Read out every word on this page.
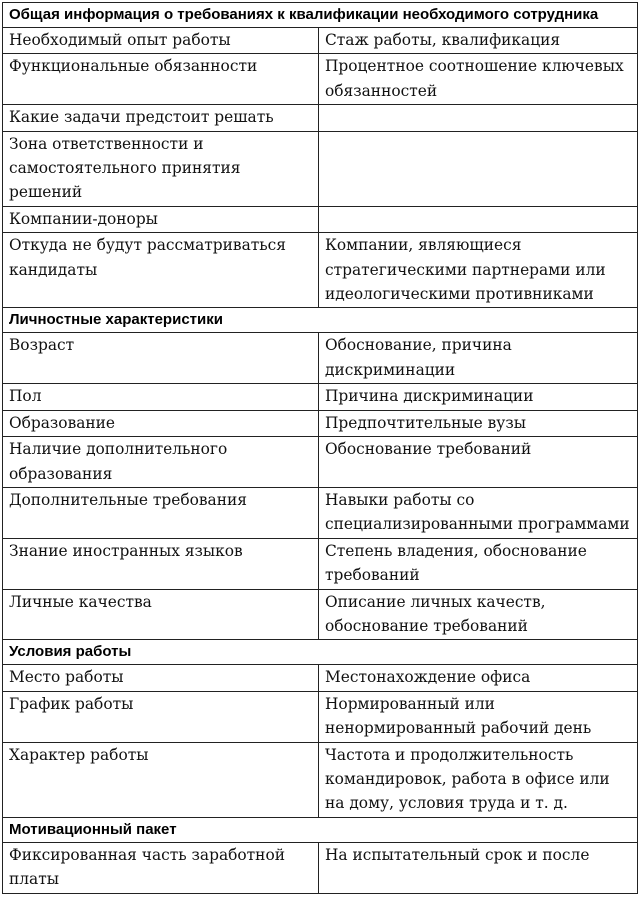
Общая информация о требованиях к квалификации необходимого сотрудника	
Необходимый опыт работы	Стаж работы, квалификация
Функциональные обязанности	Процентное соотношение ключевых обязанностей
Какие задачи предстоит решать	
Зона ответственности и самостоятельного принятия решений	
Компании-доноры	
Откуда не будут рассматриваться кандидаты	Компании, являющиеся стратегическими партнерами или идеологическими противниками
Личностные характеристики	
Возраст	Обоснование, причина дискриминации
Пол	Причина дискриминации
Образование	Предпочтительные вузы
Наличие дополнительного образования	Обоснование требований
Дополнительные требования	Навыки работы со специализированными программами
Знание иностранных языков	Степень владения, обоснование требований
Личные качества	Описание личных качеств, обоснование требований
Условия работы	
Место работы	Местонахождение офиса
График работы	Нормированный или ненормированный рабочий день
Характер работы	Частота и продолжительность командировок, работа в офисе или на дому, условия труда и т. д.
Мотивационный пакет	
Фиксированная часть заработной платы	На испытательный срок и после
